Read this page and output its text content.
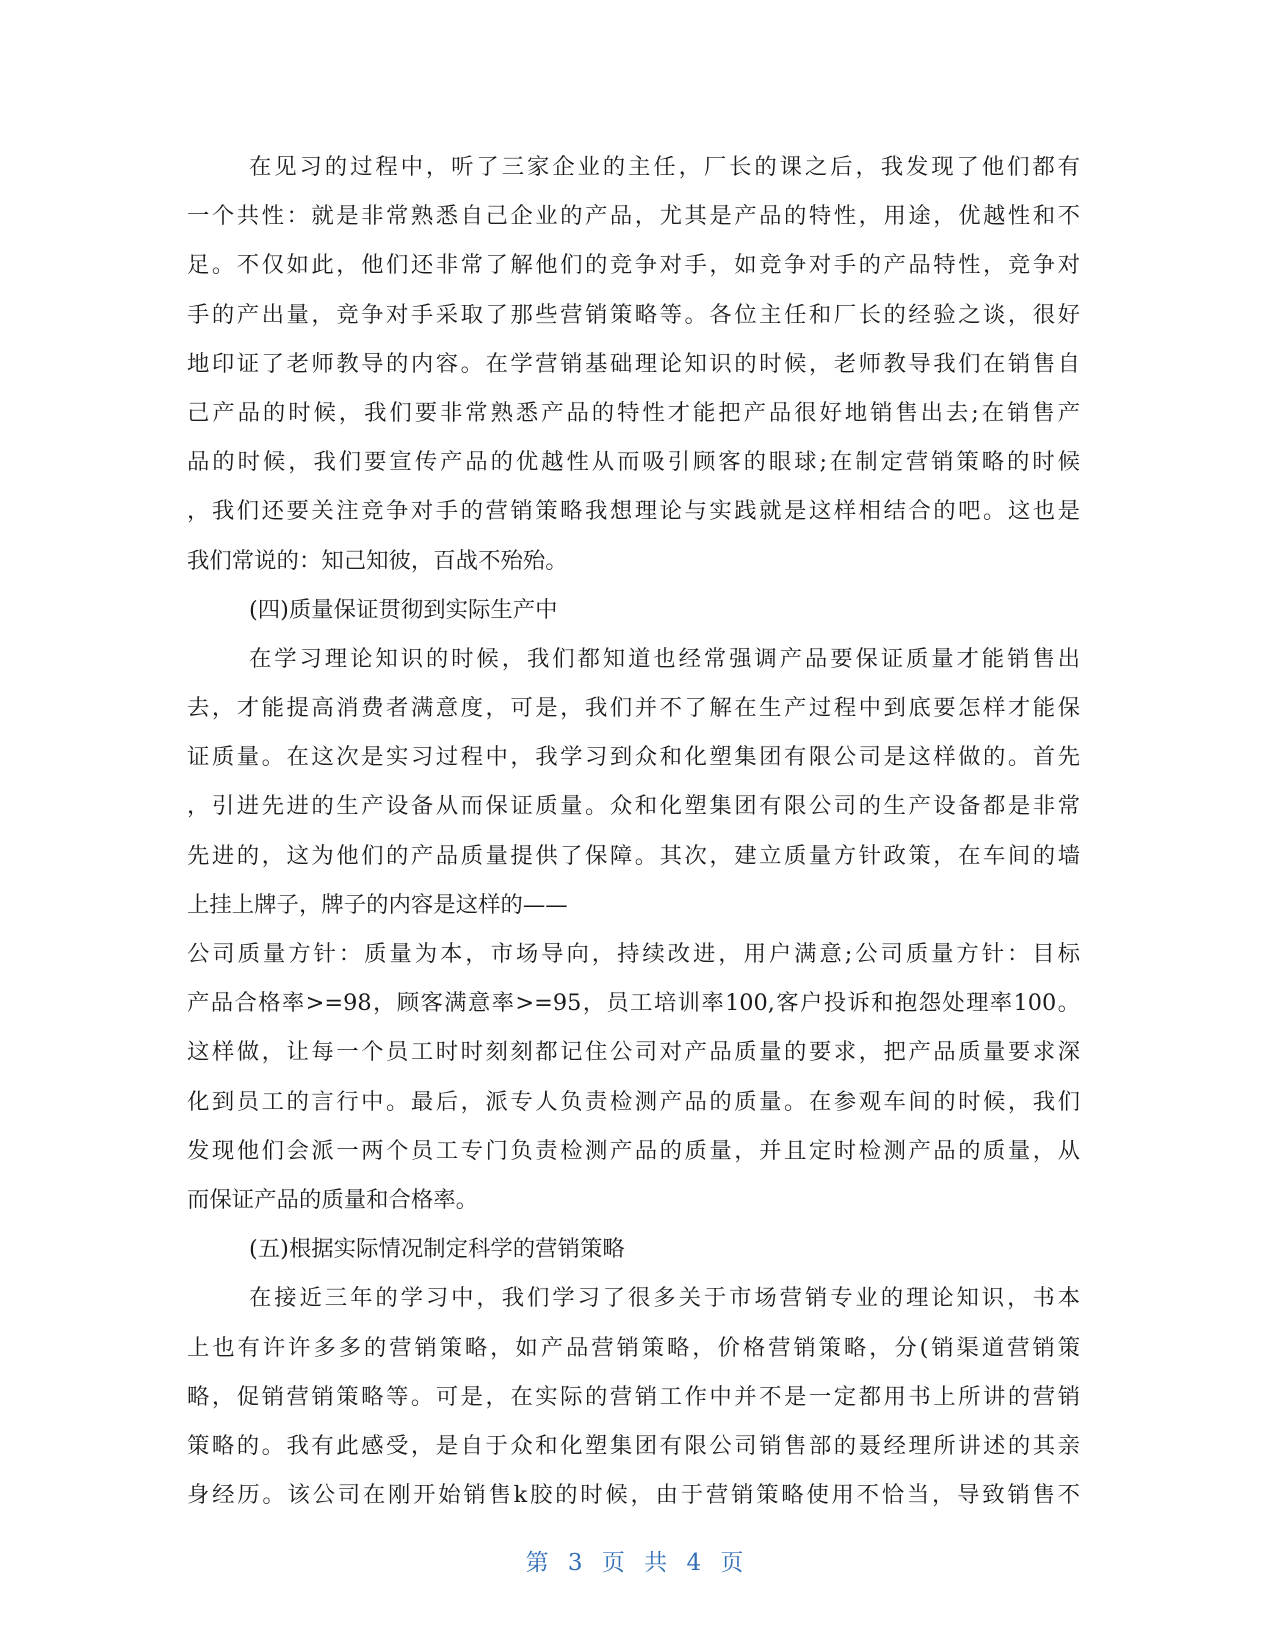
在见习的过程中，听了三家企业的主任，厂长的课之后，我发现了他们都有
一个共性：就是非常熟悉自己企业的产品，尤其是产品的特性，用途，优越性和不
足。不仅如此，他们还非常了解他们的竞争对手，如竞争对手的产品特性，竞争对
手的产出量，竞争对手采取了那些营销策略等。各位主任和厂长的经验之谈，很好
地印证了老师教导的内容。在学营销基础理论知识的时候，老师教导我们在销售自
己产品的时候，我们要非常熟悉产品的特性才能把产品很好地销售出去;在销售产
品的时候，我们要宣传产品的优越性从而吸引顾客的眼球;在制定营销策略的时候
，我们还要关注竞争对手的营销策略我想理论与实践就是这样相结合的吧。这也是
我们常说的：知己知彼，百战不殆殆。
(四)质量保证贯彻到实际生产中
在学习理论知识的时候，我们都知道也经常强调产品要保证质量才能销售出
去，才能提高消费者满意度，可是，我们并不了解在生产过程中到底要怎样才能保
证质量。在这次是实习过程中，我学习到众和化塑集团有限公司是这样做的。首先
，引进先进的生产设备从而保证质量。众和化塑集团有限公司的生产设备都是非常
先进的，这为他们的产品质量提供了保障。其次，建立质量方针政策，在车间的墙
上挂上牌子，牌子的内容是这样的——
公司质量方针：质量为本，市场导向，持续改进，用户满意;公司质量方针：目标
产品合格率>=98，顾客满意率>=95，员工培训率100,客户投诉和抱怨处理率100。
这样做，让每一个员工时时刻刻都记住公司对产品质量的要求，把产品质量要求深
化到员工的言行中。最后，派专人负责检测产品的质量。在参观车间的时候，我们
发现他们会派一两个员工专门负责检测产品的质量，并且定时检测产品的质量，从
而保证产品的质量和合格率。
(五)根据实际情况制定科学的营销策略
在接近三年的学习中，我们学习了很多关于市场营销专业的理论知识，书本
上也有许许多多的营销策略，如产品营销策略，价格营销策略，分(销渠道营销策
略，促销营销策略等。可是，在实际的营销工作中并不是一定都用书上所讲的营销
策略的。我有此感受，是自于众和化塑集团有限公司销售部的聂经理所讲述的其亲
身经历。该公司在刚开始销售k胶的时候，由于营销策略使用不恰当，导致销售不
第 3 页 共 4 页
